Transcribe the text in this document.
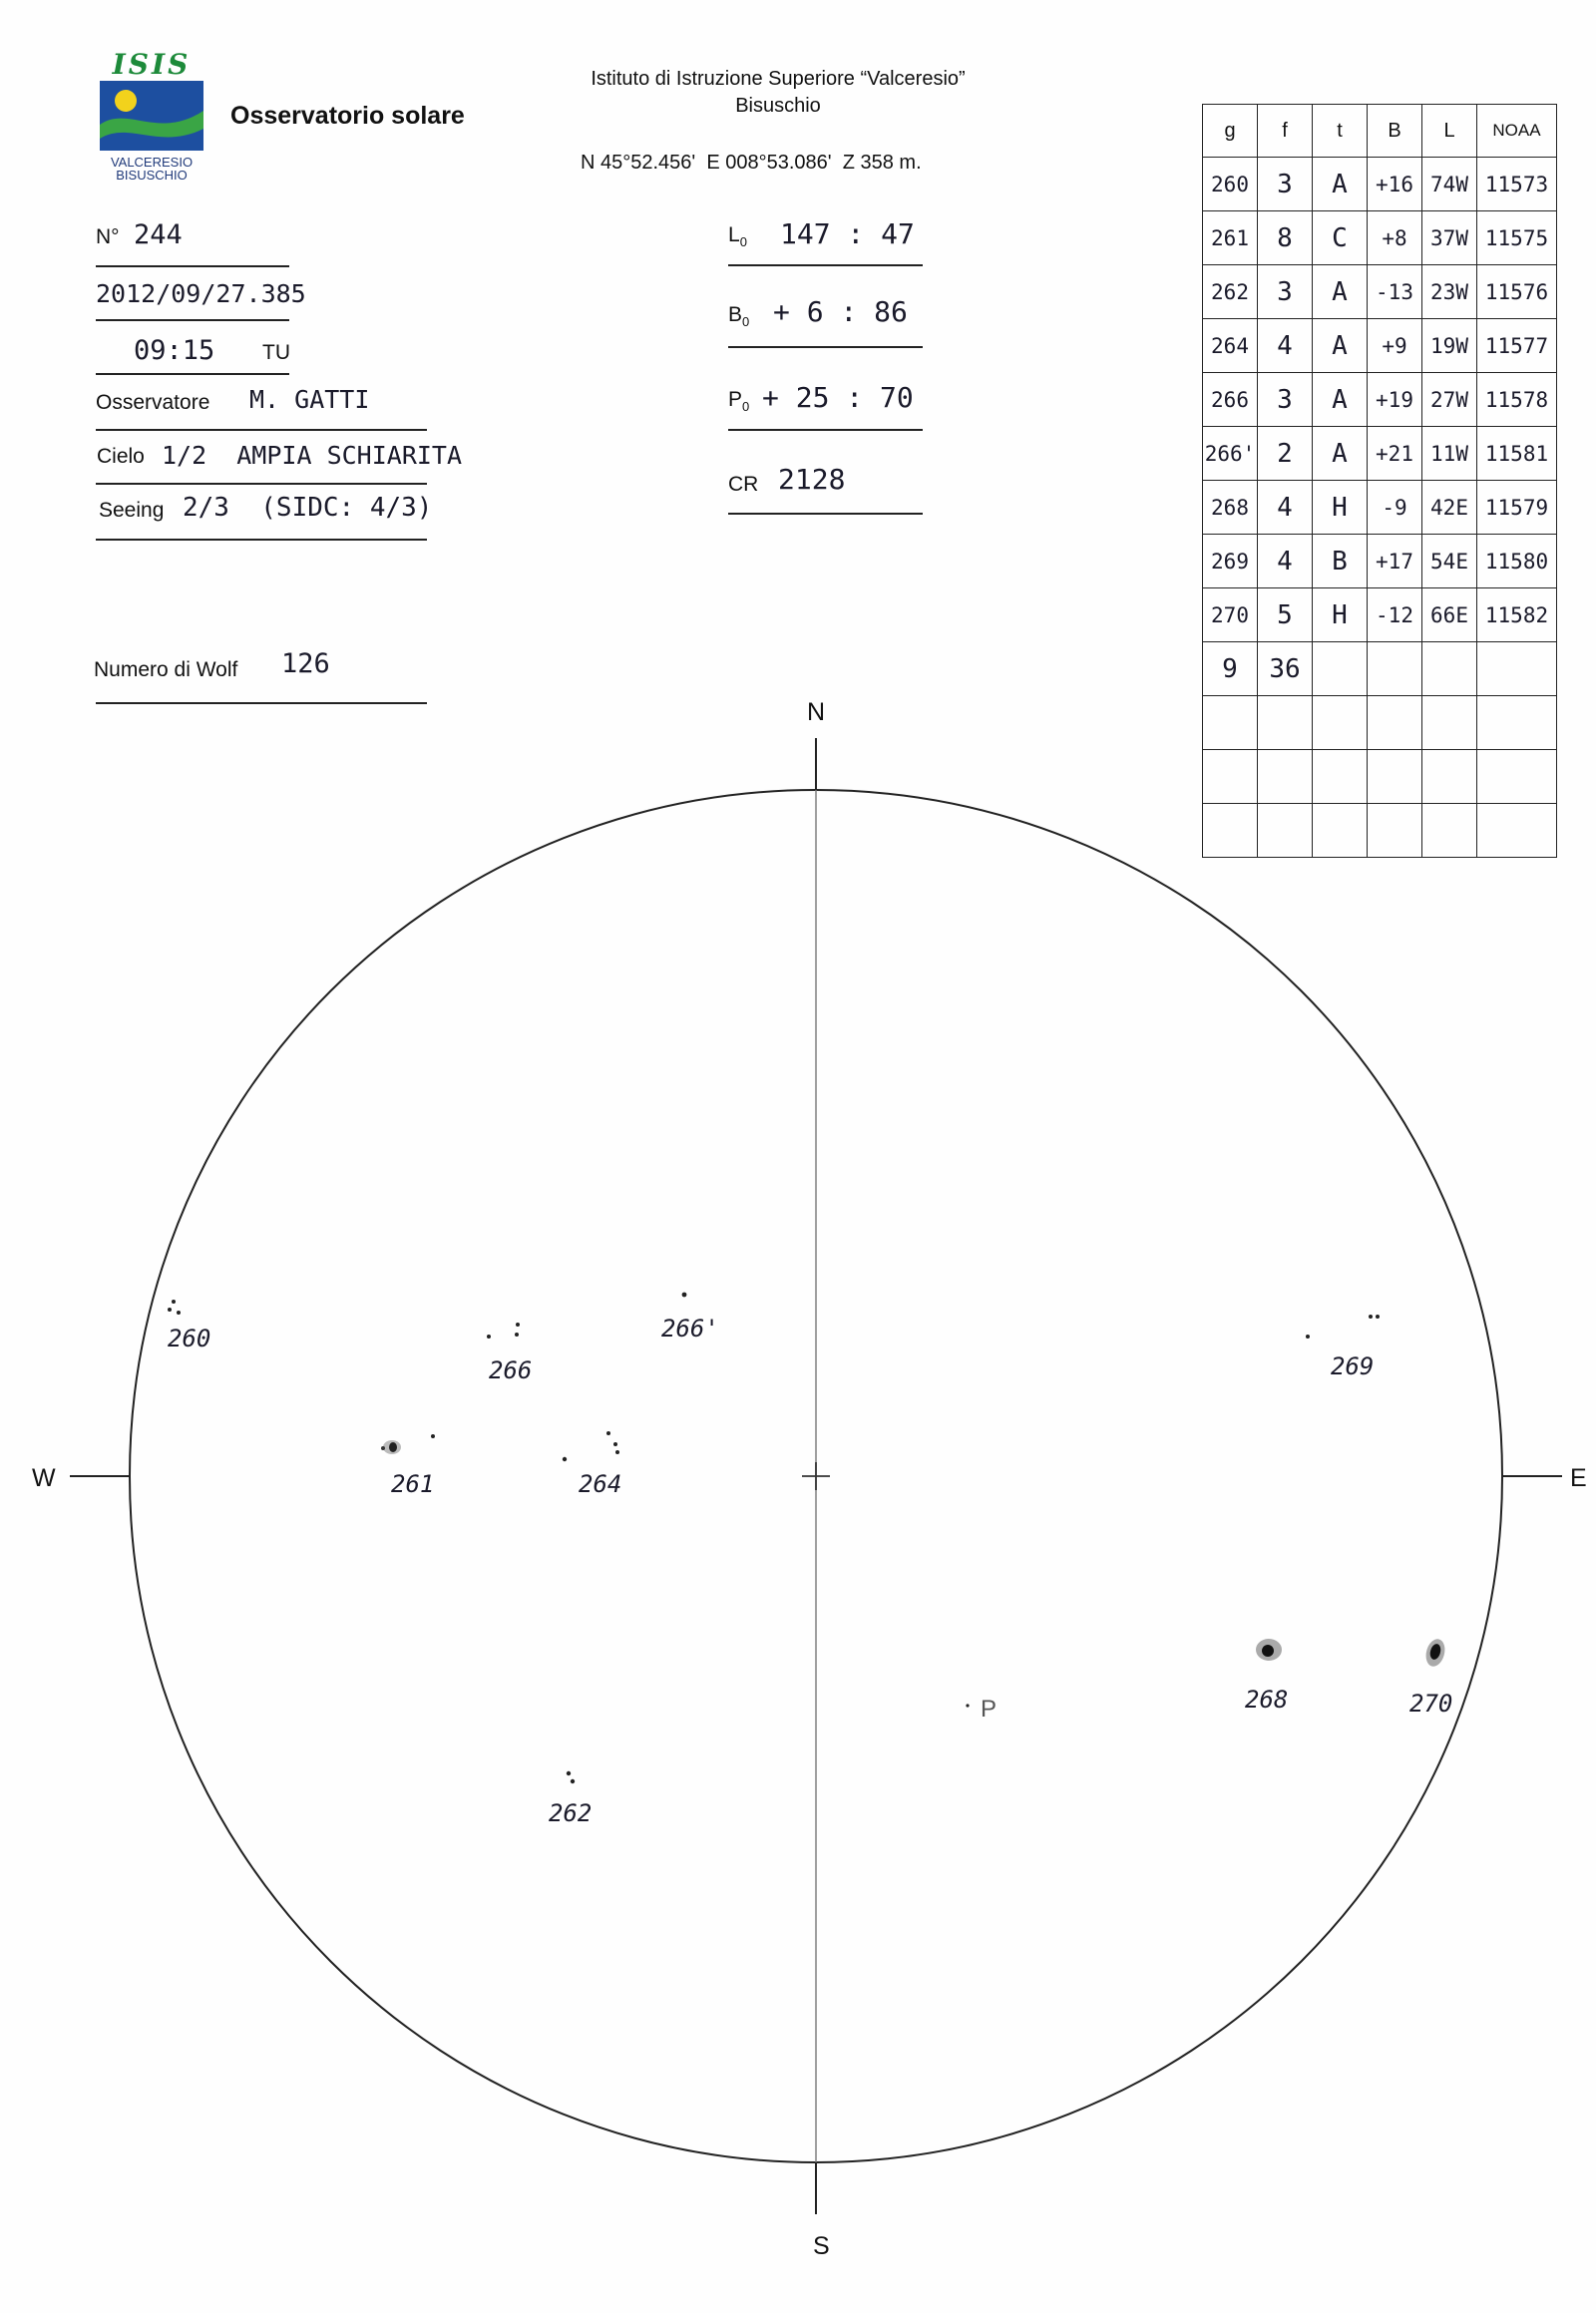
ISIS
VALCERESIO
BISUSCHIO
Osservatorio solare
Istituto di Istruzione Superiore “Valceresio”
Bisuschio
N 45°52.456'  E 008°53.086'  Z 358 m.
N° 244
2012/09/27.385
09:15 TU
Osservatore M. GATTI
Cielo 1/2  AMPIA SCHIARITA
Seeing 2/3  (SIDC: 4/3)
Numero di Wolf 126
$L_0$ 147 : 47
$B_0 + 6$ : 86
$P_0 + 25$ : 70
CR 2128
g	f	t	B	L	NOAA
260	3	A	+16	74W	11573
261	8	C	+8	37W	11575
262	3	A	-13	23W	11576
264	4	A	+9	19W	11577
266	3	A	+19	27W	11578
266'	2	A	+21	11W	11581
268	4	H	-9	42E	11579
269	4	B	+17	54E	11580
270	5	H	-12	66E	11582
9	36				

N
S
W	E
P
260
266
266'
269
261	264
268	270
262
